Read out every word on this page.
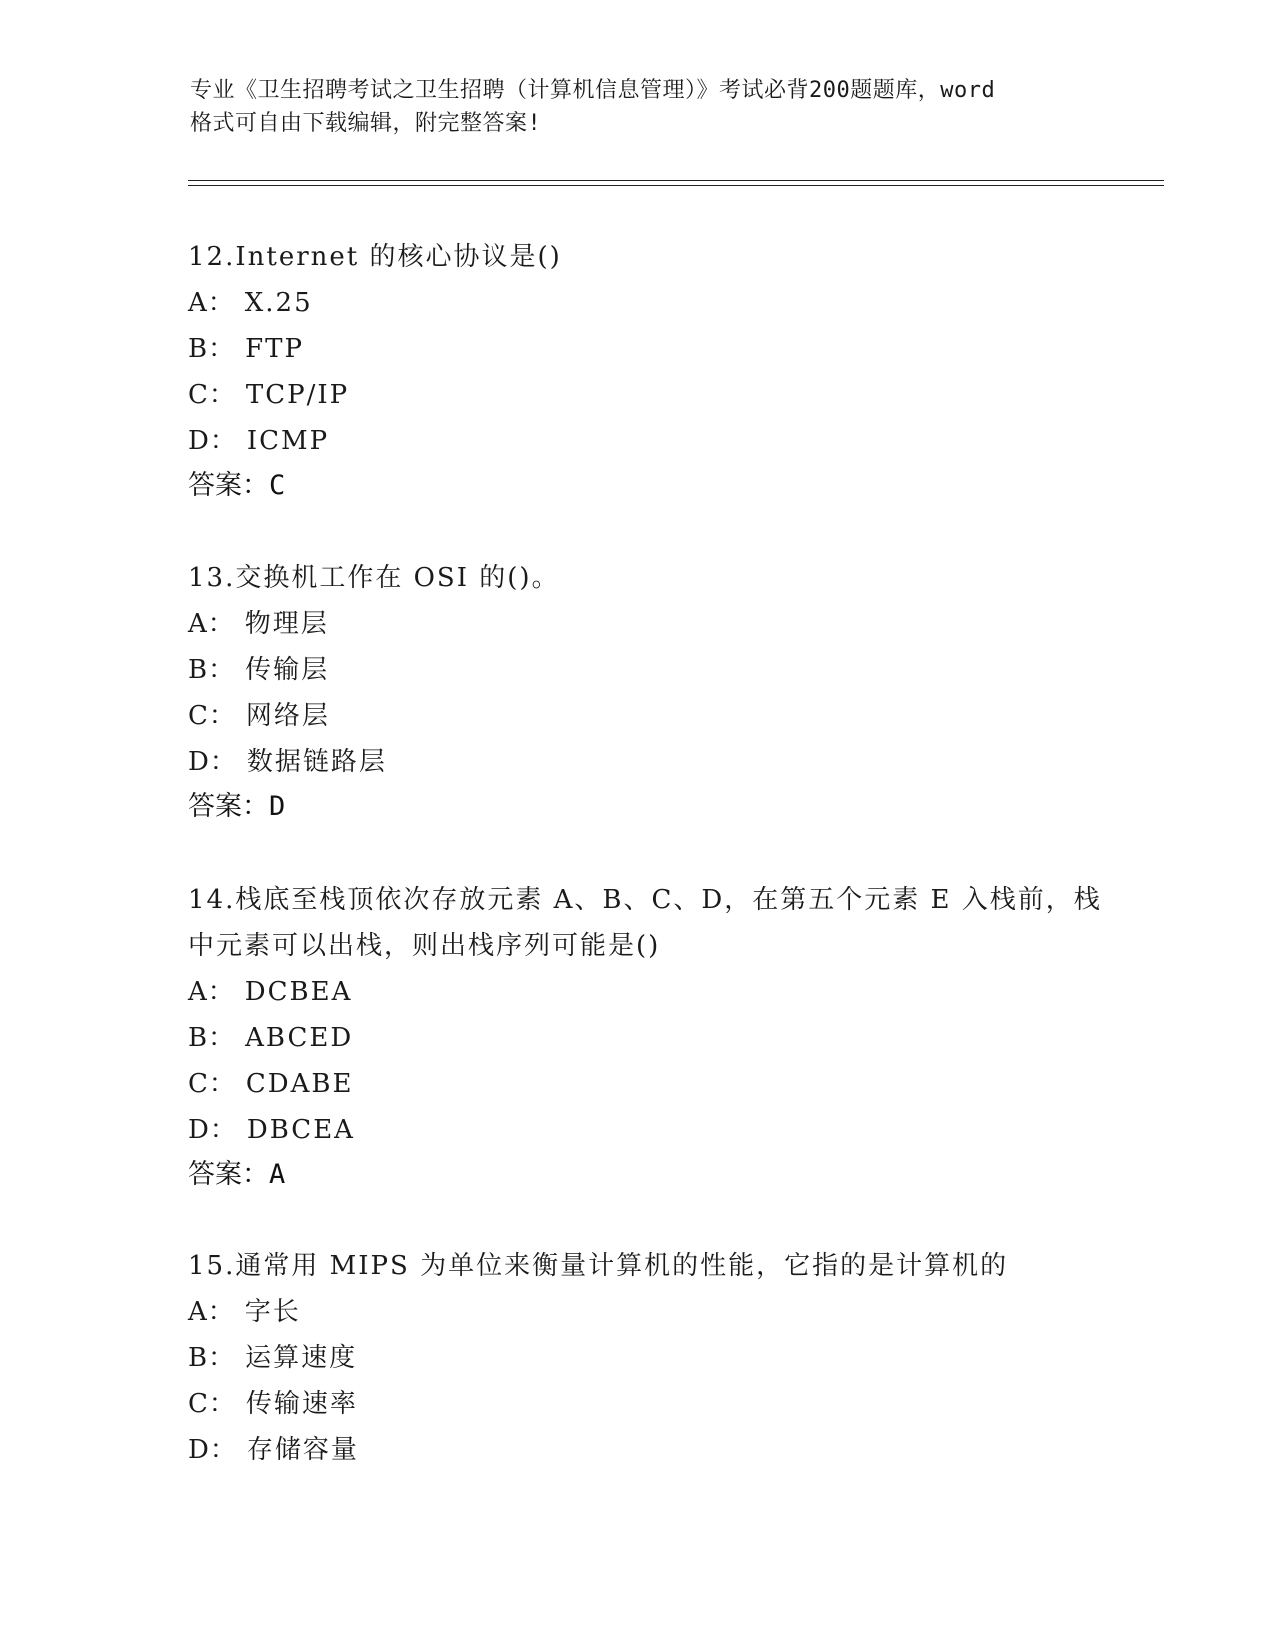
专业《卫生招聘考试之卫生招聘（计算机信息管理）》考试必背200题题库，word
格式可自由下载编辑，附完整答案!
12.Internet 的核心协议是()
A： X.25
B： FTP
C： TCP/IP
D： ICMP
答案：C
13.交换机工作在 OSI 的()。
A： 物理层
B： 传输层
C： 网络层
D： 数据链路层
答案：D
14.栈底至栈顶依次存放元素 A、B、C、D，在第五个元素 E 入栈前，栈
中元素可以出栈，则出栈序列可能是()
A： DCBEA
B： ABCED
C： CDABE
D： DBCEA
答案：A
15.通常用 MIPS 为单位来衡量计算机的性能，它指的是计算机的
A： 字长
B： 运算速度
C： 传输速率
D： 存储容量
